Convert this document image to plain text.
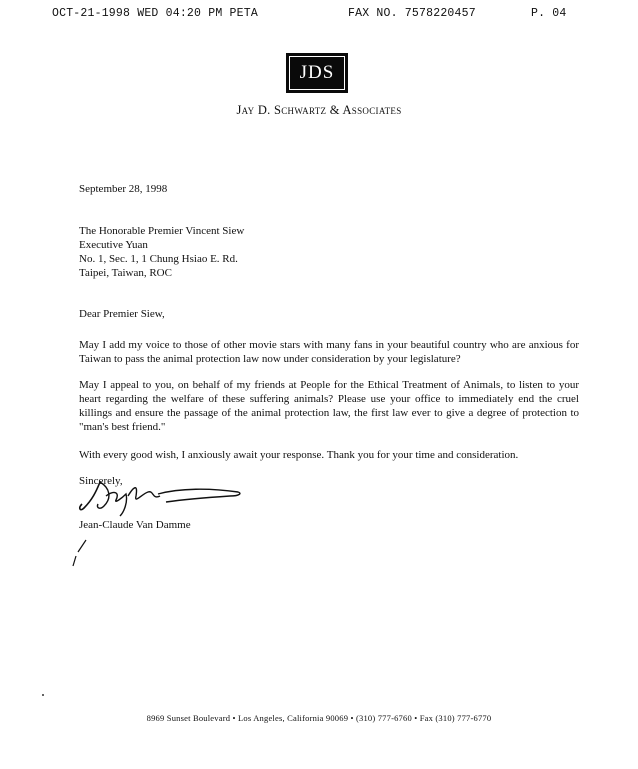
OCT-21-1998 WED 04:20 PM PETA	FAX NO. 7578220457	P. 04
JDS
Jay D. Schwartz & Associates
September 28, 1998
The Honorable Premier Vincent Siew
Executive Yuan
No. 1, Sec. 1, 1 Chung Hsiao E. Rd.
Taipei, Taiwan, ROC
Dear Premier Siew,
May I add my voice to those of other movie stars with many fans in your beautiful country who are anxious for Taiwan to pass the animal protection law now under consideration by your legislature?
May I appeal to you, on behalf of my friends at People for the Ethical Treatment of Animals, to listen to your heart regarding the welfare of these suffering animals? Please use your office to immediately end the cruel killings and ensure the passage of the animal protection law, the first law ever to give a degree of protection to "man's best friend."
With every good wish, I anxiously await your response. Thank you for your time and consideration.
Sincerely,
Jean-Claude Van Damme
8969 Sunset Boulevard • Los Angeles, California 90069 • (310) 777-6760 • Fax (310) 777-6770
